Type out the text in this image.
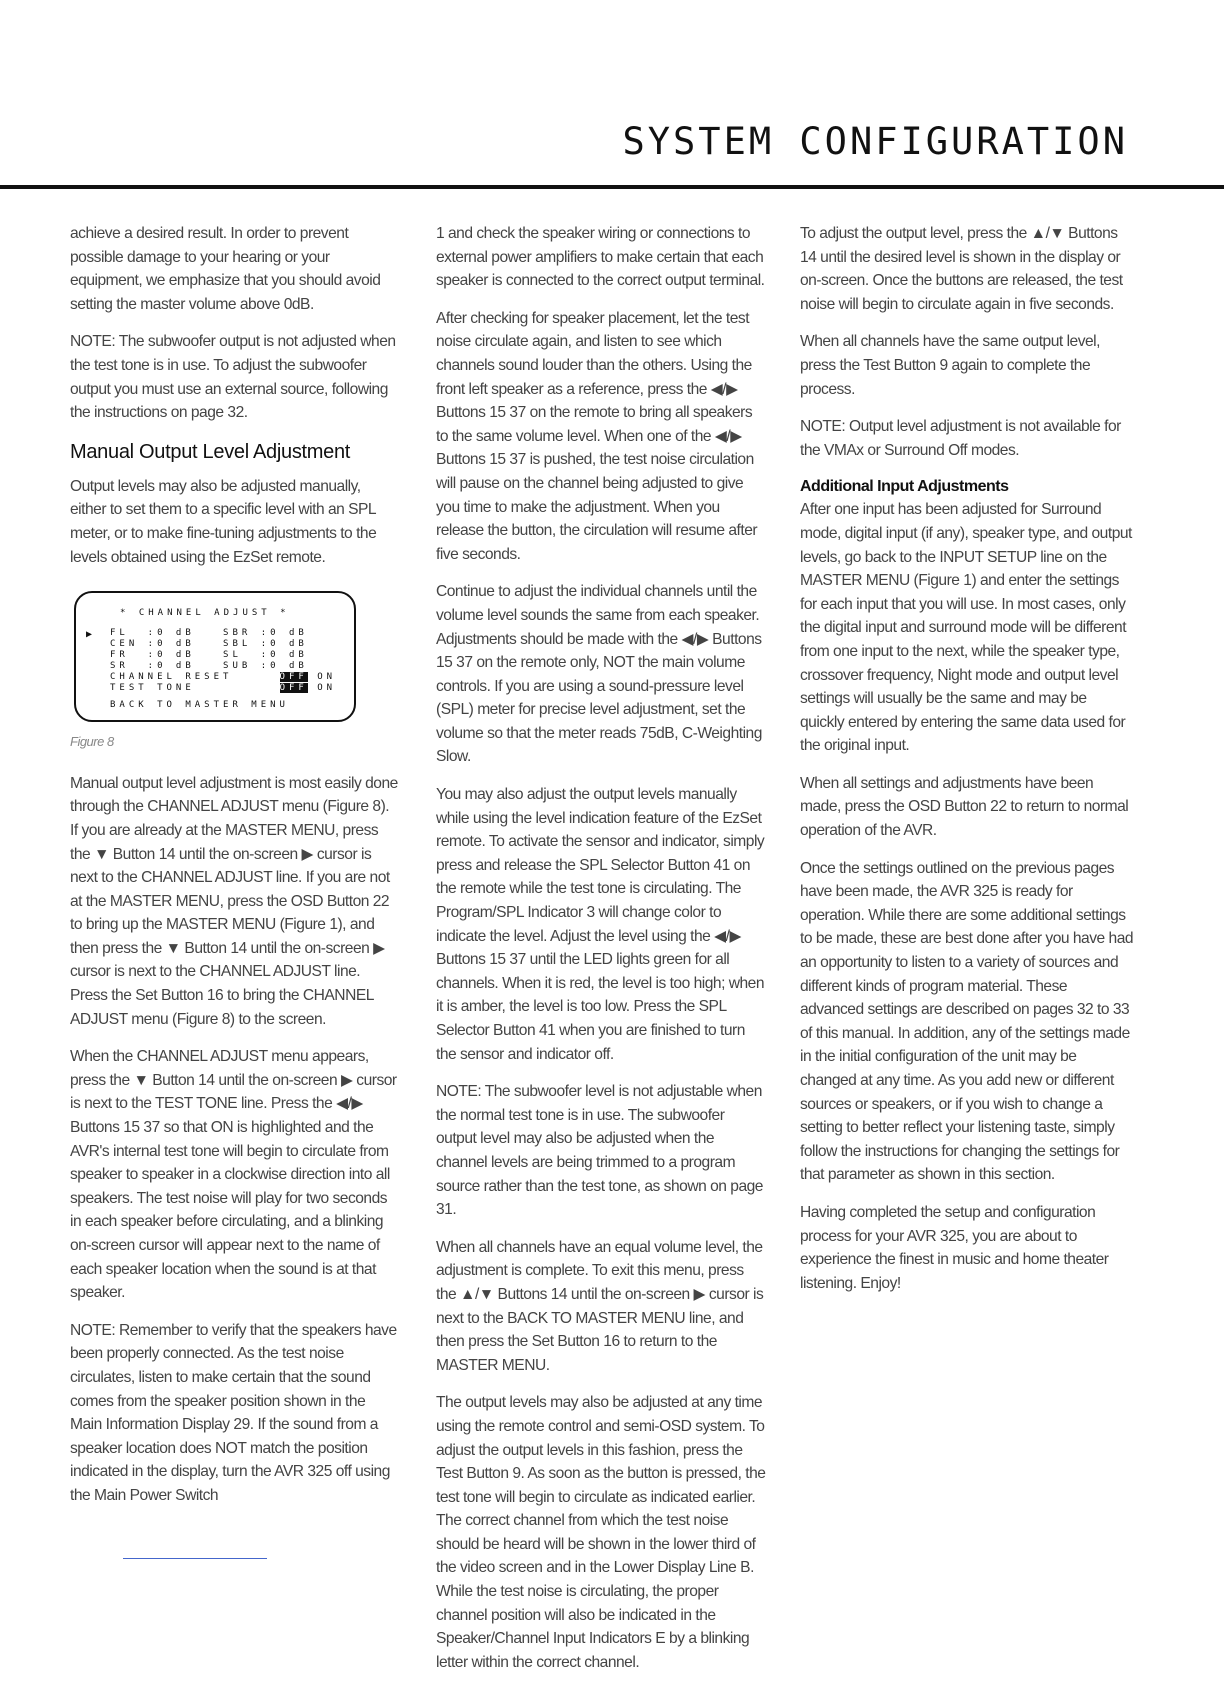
SYSTEM CONFIGURATION

achieve a desired result. In order to prevent possible damage to your hearing or your equipment, we emphasize that you should avoid setting the master volume above 0dB.

NOTE: The subwoofer output is not adjusted when the test tone is in use. To adjust the subwoofer output you must use an external source, following the instructions on page 32.

Manual Output Level Adjustment

Output levels may also be adjusted manually, either to set them to a specific level with an SPL meter, or to make fine-tuning adjustments to the levels obtained using the EzSet remote.

* CHANNEL ADJUST *
▶ FL  :0 dB   SBR :0 dB
CEN :0 dB   SBL :0 dB
FR  :0 dB   SL  :0 dB
SR  :0 dB   SUB :0 dB
CHANNEL RESET	OFF ON
TEST TONE	OFF ON
BACK TO MASTER MENU
Figure 8

Manual output level adjustment is most easily done through the CHANNEL ADJUST menu (Figure 8). If you are already at the MASTER MENU, press the ▼ Button 14 until the on-screen ▶ cursor is next to the CHANNEL ADJUST line. If you are not at the MASTER MENU, press the OSD Button 22 to bring up the MASTER MENU (Figure 1), and then press the ▼ Button 14 until the on-screen ▶ cursor is next to the CHANNEL ADJUST line. Press the Set Button 16 to bring the CHANNEL ADJUST menu (Figure 8) to the screen.

When the CHANNEL ADJUST menu appears, press the ▼ Button 14 until the on-screen ▶ cursor is next to the TEST TONE line. Press the ◀/▶ Buttons 15 37 so that ON is highlighted and the AVR's internal test tone will begin to circulate from speaker to speaker in a clockwise direction into all speakers. The test noise will play for two seconds in each speaker before circulating, and a blinking on-screen cursor will appear next to the name of each speaker location when the sound is at that speaker.

NOTE: Remember to verify that the speakers have been properly connected. As the test noise circulates, listen to make certain that the sound comes from the speaker position shown in the Main Information Display 29. If the sound from a speaker location does NOT match the position indicated in the display, turn the AVR 325 off using the Main Power Switch

1 and check the speaker wiring or connections to external power amplifiers to make certain that each speaker is connected to the correct output terminal.

After checking for speaker placement, let the test noise circulate again, and listen to see which channels sound louder than the others. Using the front left speaker as a reference, press the ◀/▶ Buttons 15 37 on the remote to bring all speakers to the same volume level. When one of the ◀/▶ Buttons 15 37 is pushed, the test noise circulation will pause on the channel being adjusted to give you time to make the adjustment. When you release the button, the circulation will resume after five seconds.

Continue to adjust the individual channels until the volume level sounds the same from each speaker. Adjustments should be made with the ◀/▶ Buttons 15 37 on the remote only, NOT the main volume controls. If you are using a sound-pressure level (SPL) meter for precise level adjustment, set the volume so that the meter reads 75dB, C-Weighting Slow.

You may also adjust the output levels manually while using the level indication feature of the EzSet remote. To activate the sensor and indicator, simply press and release the SPL Selector Button 41 on the remote while the test tone is circulating. The Program/SPL Indicator 3 will change color to indicate the level. Adjust the level using the ◀/▶ Buttons 15 37 until the LED lights green for all channels. When it is red, the level is too high; when it is amber, the level is too low. Press the SPL Selector Button 41 when you are finished to turn the sensor and indicator off.

NOTE: The subwoofer level is not adjustable when the normal test tone is in use. The subwoofer output level may also be adjusted when the channel levels are being trimmed to a program source rather than the test tone, as shown on page 31.

When all channels have an equal volume level, the adjustment is complete. To exit this menu, press the ▲/▼ Buttons 14 until the on-screen ▶ cursor is next to the BACK TO MASTER MENU line, and then press the Set Button 16 to return to the MASTER MENU.

The output levels may also be adjusted at any time using the remote control and semi-OSD system. To adjust the output levels in this fashion, press the Test Button 9. As soon as the button is pressed, the test tone will begin to circulate as indicated earlier. The correct channel from which the test noise should be heard will be shown in the lower third of the video screen and in the Lower Display Line B. While the test noise is circulating, the proper channel position will also be indicated in the Speaker/Channel Input Indicators E by a blinking letter within the correct channel.

To adjust the output level, press the ▲/▼ Buttons 14 until the desired level is shown in the display or on-screen. Once the buttons are released, the test noise will begin to circulate again in five seconds.

When all channels have the same output level, press the Test Button 9 again to complete the process.

NOTE: Output level adjustment is not available for the VMAx or Surround Off modes.

Additional Input Adjustments

After one input has been adjusted for Surround mode, digital input (if any), speaker type, and output levels, go back to the INPUT SETUP line on the MASTER MENU (Figure 1) and enter the settings for each input that you will use. In most cases, only the digital input and surround mode will be different from one input to the next, while the speaker type, crossover frequency, Night mode and output level settings will usually be the same and may be quickly entered by entering the same data used for the original input.

When all settings and adjustments have been made, press the OSD Button 22 to return to normal operation of the AVR.

Once the settings outlined on the previous pages have been made, the AVR 325 is ready for operation. While there are some additional settings to be made, these are best done after you have had an opportunity to listen to a variety of sources and different kinds of program material. These advanced settings are described on pages 32 to 33 of this manual. In addition, any of the settings made in the initial configuration of the unit may be changed at any time. As you add new or different sources or speakers, or if you wish to change a setting to better reflect your listening taste, simply follow the instructions for changing the settings for that parameter as shown in this section.

Having completed the setup and configuration process for your AVR 325, you are about to experience the finest in music and home theater listening. Enjoy!
